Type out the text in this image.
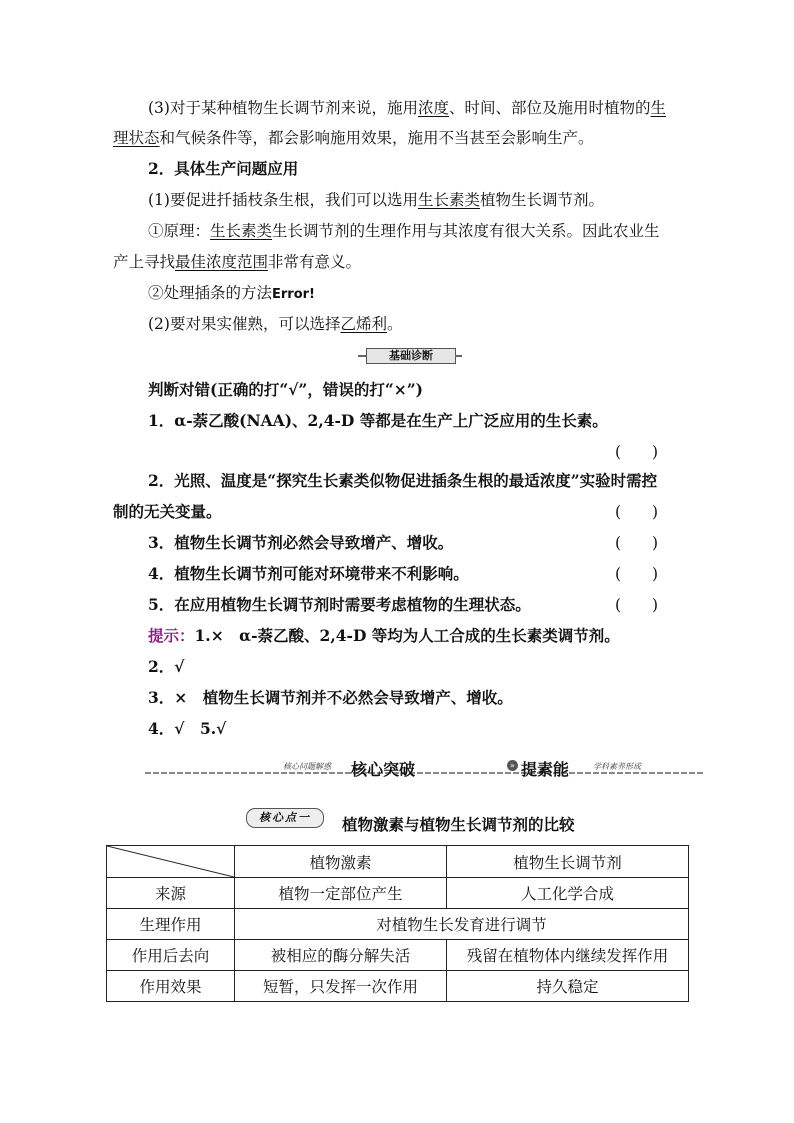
(3)对于某种植物生长调节剂来说，施用浓度、时间、部位及施用时植物的生
理状态和气候条件等，都会影响施用效果，施用不当甚至会影响生产。
2．具体生产问题应用
(1)要促进扦插枝条生根，我们可以选用生长素类植物生长调节剂。
①原理：生长素类生长调节剂的生理作用与其浓度有很大关系。因此农业生
产上寻找最佳浓度范围非常有意义。
②处理插条的方法Error!
(2)要对果实催熟，可以选择乙烯利。
基础诊断
判断对错(正确的打“√”，错误的打“×”)
1．α-萘乙酸(NAA)、2,4-D 等都是在生产上广泛应用的生长素。
(　　)
2．光照、温度是“探究生长素类似物促进插条生根的最适浓度”实验时需控
制的无关变量。	(　　)
3．植物生长调节剂必然会导致增产、增收。	(　　)
4．植物生长调节剂可能对环境带来不利影响。	(　　)
5．在应用植物生长调节剂时需要考虑植物的生理状态。	(　　)
提示：1.×　α-萘乙酸、2,4-D 等均为人工合成的生长素类调节剂。
2．√
3．×　植物生长调节剂并不必然会导致增产、增收。
4．√　5.√
核心问题解惑 核心突破	» 提素能	学科素养形成
核心点一	植物激素与植物生长调节剂的比较
	植物激素	植物生长调节剂
来源	植物一定部位产生	人工化学合成
生理作用	对植物生长发育进行调节	
作用后去向	被相应的酶分解失活	残留在植物体内继续发挥作用
作用效果	短暂，只发挥一次作用	持久稳定
